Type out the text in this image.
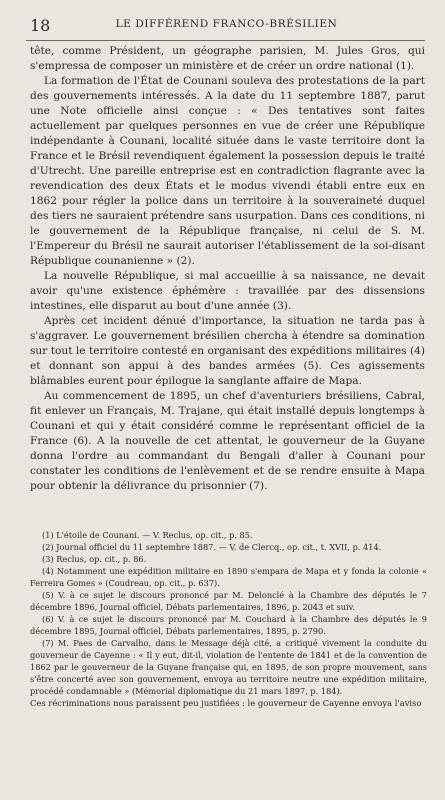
18	LE DIFFÉREND FRANCO-BRÉSILIEN

tête, comme Président, un géographe parisien, M. Jules Gros, qui s'empressa de composer un ministère et de créer un ordre national (1).

La formation de l'État de Counani souleva des protestations de la part des gouvernements intéressés. A la date du 11 septembre 1887, parut une Note officielle ainsi conçue : « Des tentatives sont faites actuellement par quelques personnes en vue de créer une République indépendante à Counani, localité située dans le vaste territoire dont la France et le Brésil revendiquent également la possession depuis le traité d'Utrecht. Une pareille entreprise est en contradiction flagrante avec la revendication des deux États et le modus vivendi établi entre eux en 1862 pour régler la police dans un territoire à la souveraineté duquel des tiers ne sauraient prétendre sans usurpation. Dans ces conditions, ni le gouvernement de la République française, ni celui de S. M. l'Empereur du Brésil ne saurait autoriser l'établissement de la soi-disant République counanienne » (2).

La nouvelle République, si mal accueillie à sa naissance, ne devait avoir qu'une existence éphémère : travaillée par des dissensions intestines, elle disparut au bout d'une année (3).

Après cet incident dénué d'importance, la situation ne tarda pas à s'aggraver. Le gouvernement brésilien chercha à étendre sa domination sur tout le territoire contesté en organisant des expéditions militaires (4) et donnant son appui à des bandes armées (5). Ces agissements blâmables eurent pour épilogue la sanglante affaire de Mapa.

Au commencement de 1895, un chef d'aventuriers brésiliens, Cabral, fit enlever un Français, M. Trajane, qui était installé depuis longtemps à Counani et qui y était considéré comme le représentant officiel de la France (6). A la nouvelle de cet attentat, le gouverneur de la Guyane donna l'ordre au commandant du Bengali d'aller à Counani pour constater les conditions de l'enlèvement et de se rendre ensuite à Mapa pour obtenir la délivrance du prisonnier (7).

(1) L'étoile de Counani. — V. Reclus, op. cit., p. 85.

(2) Journal officiel du 11 septembre 1887. — V. de Clercq., op. cit., t. XVII, p. 414.

(3) Reclus, op. cit., p. 86.

(4) Notamment une expédition militaire en 1890 s'empara de Mapa et y fonda la colonie « Ferreira Gomes » (Coudreau, op. cit., p. 637).

(5) V. à ce sujet le discours prononcé par M. Delonclé à la Chambre des députés le 7 décembre 1896, Journal officiel, Débats parlementaires, 1896, p. 2043 et suiv.

(6) V. à ce sujet le discours prononcé par M. Couchard à la Chambre des députés le 9 décembre 1895, Journal officiel, Débats parlementaires, 1895, p. 2790.

(7) M. Paes de Carvalho, dans le Message déjà cité, a critiqué vivement la conduite du gouverneur de Cayenne : « Il y eut, dit-il, violation de l'entente de 1841 et de la convention de 1862 par le gouverneur de la Guyane française qui, en 1895, de son propre mouvement, sans s'être concerté avec son gouvernement, envoya au territoire neutre une expédition militaire, procédé condamnable » (Mémorial diplomatique du 21 mars 1897, p. 184).

Ces récriminations nous paraissent peu justifiées : le gouverneur de Cayenne envoya l'aviso
